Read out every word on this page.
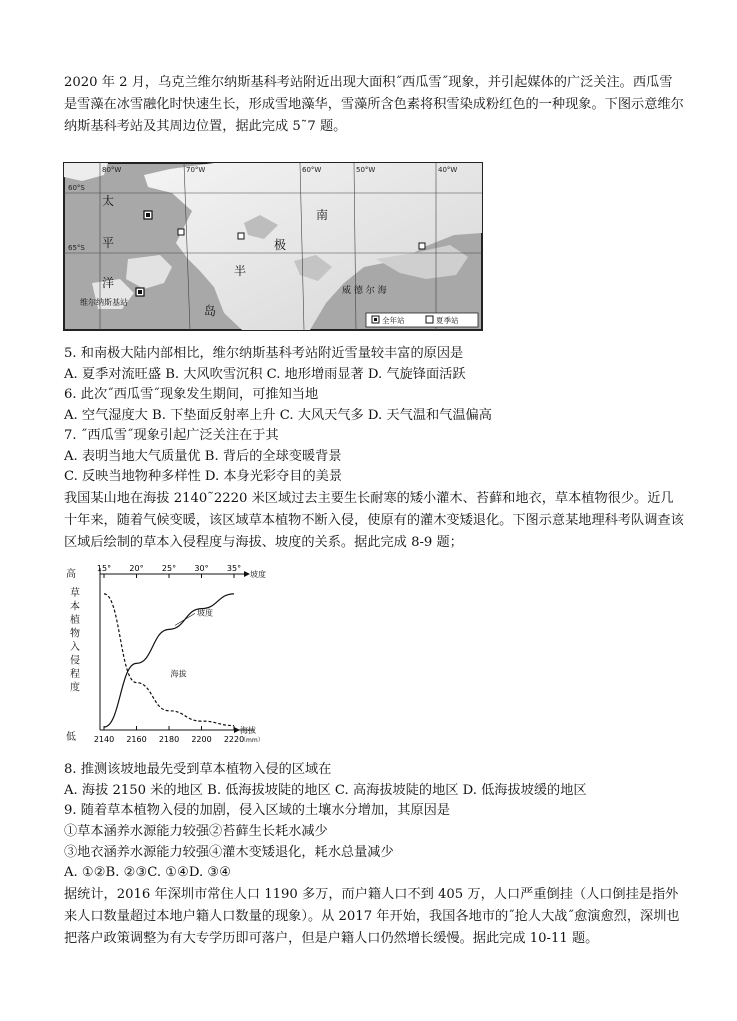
2020 年 2 月，乌克兰维尔纳斯基科考站附近出现大面积˝西瓜雪˝现象，并引起媒体的广泛关注。西瓜雪是雪藻在冰雪融化时快速生长，形成雪地藻华，雪藻所含色素将积雪染成粉红色的一种现象。下图示意维尔纳斯基科考站及其周边位置，据此完成 5˜7 题。
60°S
65°S
80°W	70°W	60°W	50°W	40°W
太
平
洋
南
极
半
岛
威 德 尔 海
维尔纳斯基站
全年站	夏季站
5. 和南极大陆内部相比，维尔纳斯基科考站附近雪量较丰富的原因是
A. 夏季对流旺盛 B. 大风吹雪沉积 C. 地形增雨显著 D. 气旋锋面活跃
6. 此次˝西瓜雪˝现象发生期间，可推知当地
A. 空气湿度大 B. 下垫面反射率上升 C. 大风天气多 D. 天气温和气温偏高
7. ˝西瓜雪˝现象引起广泛关注在于其
A. 表明当地大气质量优 B. 背后的全球变暖背景
C. 反映当地物种多样性 D. 本身光彩夺目的美景
我国某山地在海拔 2140˜2220 米区域过去主要生长耐寒的矮小灌木、苔藓和地衣，草本植物很少。近几十年来，随着气候变暖，该区域草本植物不断入侵，使原有的灌木变矮退化。下图示意某地理科考队调查该区域后绘制的草本入侵程度与海拔、坡度的关系。据此完成 8-9 题；
高
低
坡度
海拔
（mm）
草
本
植
物
入
侵
程
度
15° 20° 25° 30° 35°
2140 2160 2180 2200 2220
坡度
海拔
8. 推测该坡地最先受到草本植物入侵的区域在
A. 海拔 2150 米的地区 B. 低海拔坡陡的地区 C. 高海拔坡陡的地区 D. 低海拔坡缓的地区
9. 随着草本植物入侵的加剧，侵入区域的土壤水分增加，其原因是
①草本涵养水源能力较强②苔藓生长耗水减少
③地衣涵养水源能力较强④灌木变矮退化，耗水总量减少
A. ①②B. ②③C. ①④D. ③④
据统计，2016 年深圳市常住人口 1190 多万，而户籍人口不到 405 万，人口严重倒挂（人口倒挂是指外来人口数量超过本地户籍人口数量的现象）。从 2017 年开始，我国各地市的˝抢人大战˝愈演愈烈，深圳也把落户政策调整为有大专学历即可落户，但是户籍人口仍然增长缓慢。据此完成 10-11 题。
